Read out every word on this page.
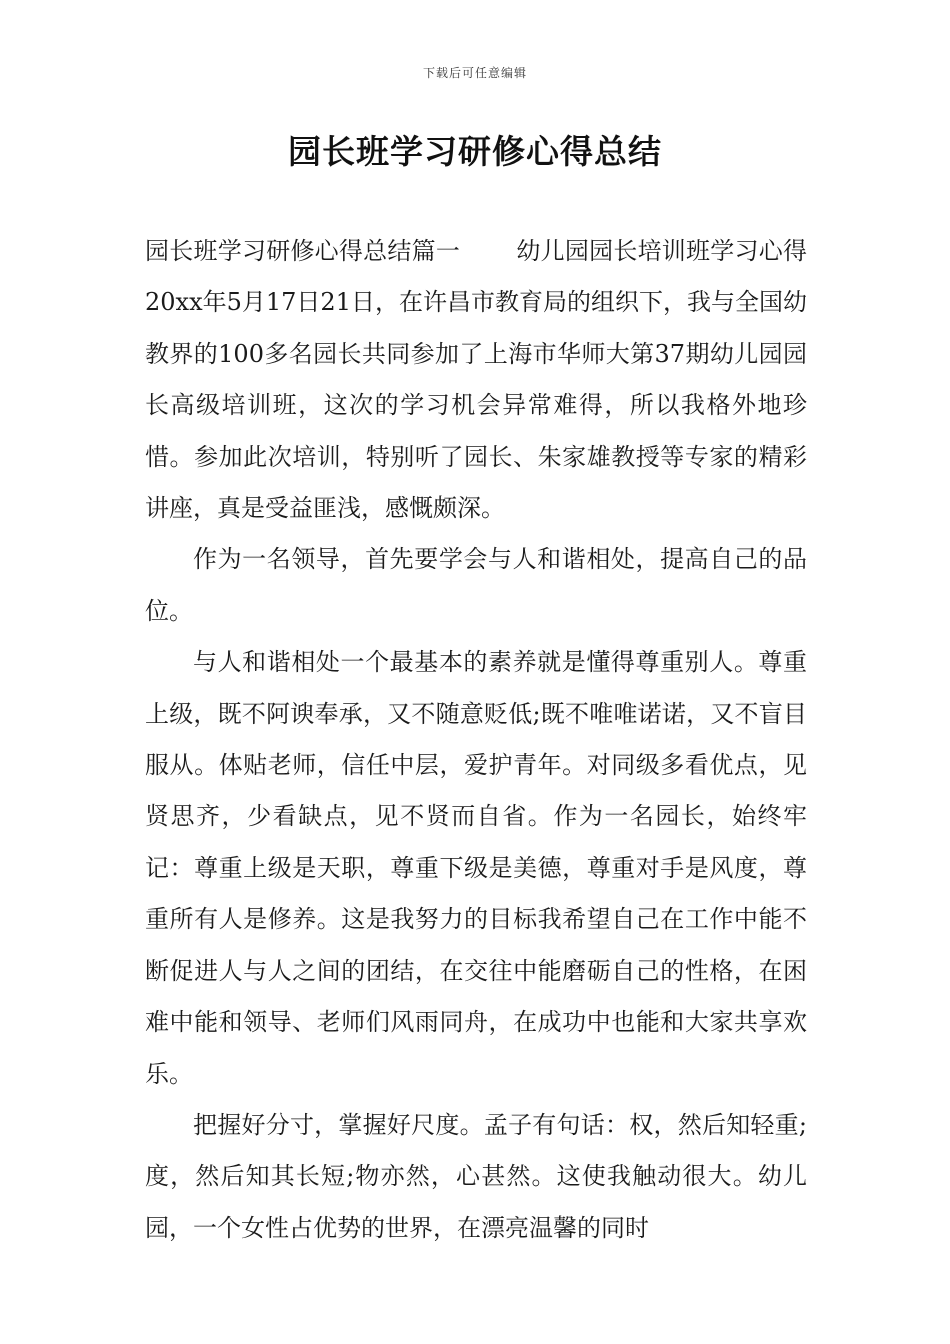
下载后可任意编辑
园长班学习研修心得总结

园长班学习研修心得总结篇一 幼儿园园长培训班学习心得 20xx年5月17日21日，在许昌市教育局的组织下，我与全国幼教界的100多名园长共同参加了上海市华师大第37期幼儿园园长高级培训班，这次的学习机会异常难得，所以我格外地珍惜。参加此次培训，特别听了园长、朱家雄教授等专家的精彩讲座，真是受益匪浅，感慨颇深。

作为一名领导，首先要学会与人和谐相处，提高自己的品位。

与人和谐相处一个最基本的素养就是懂得尊重别人。尊重上级，既不阿谀奉承，又不随意贬低;既不唯唯诺诺，又不盲目服从。体贴老师，信任中层，爱护青年。对同级多看优点，见贤思齐，少看缺点，见不贤而自省。作为一名园长，始终牢记：尊重上级是天职，尊重下级是美德，尊重对手是风度，尊重所有人是修养。这是我努力的目标我希望自己在工作中能不断促进人与人之间的团结，在交往中能磨砺自己的性格，在困难中能和领导、老师们风雨同舟，在成功中也能和大家共享欢乐。

把握好分寸，掌握好尺度。孟子有句话：权，然后知轻重;度，然后知其长短;物亦然，心甚然。这使我触动很大。幼儿园，一个女性占优势的世界，在漂亮温馨的同时
